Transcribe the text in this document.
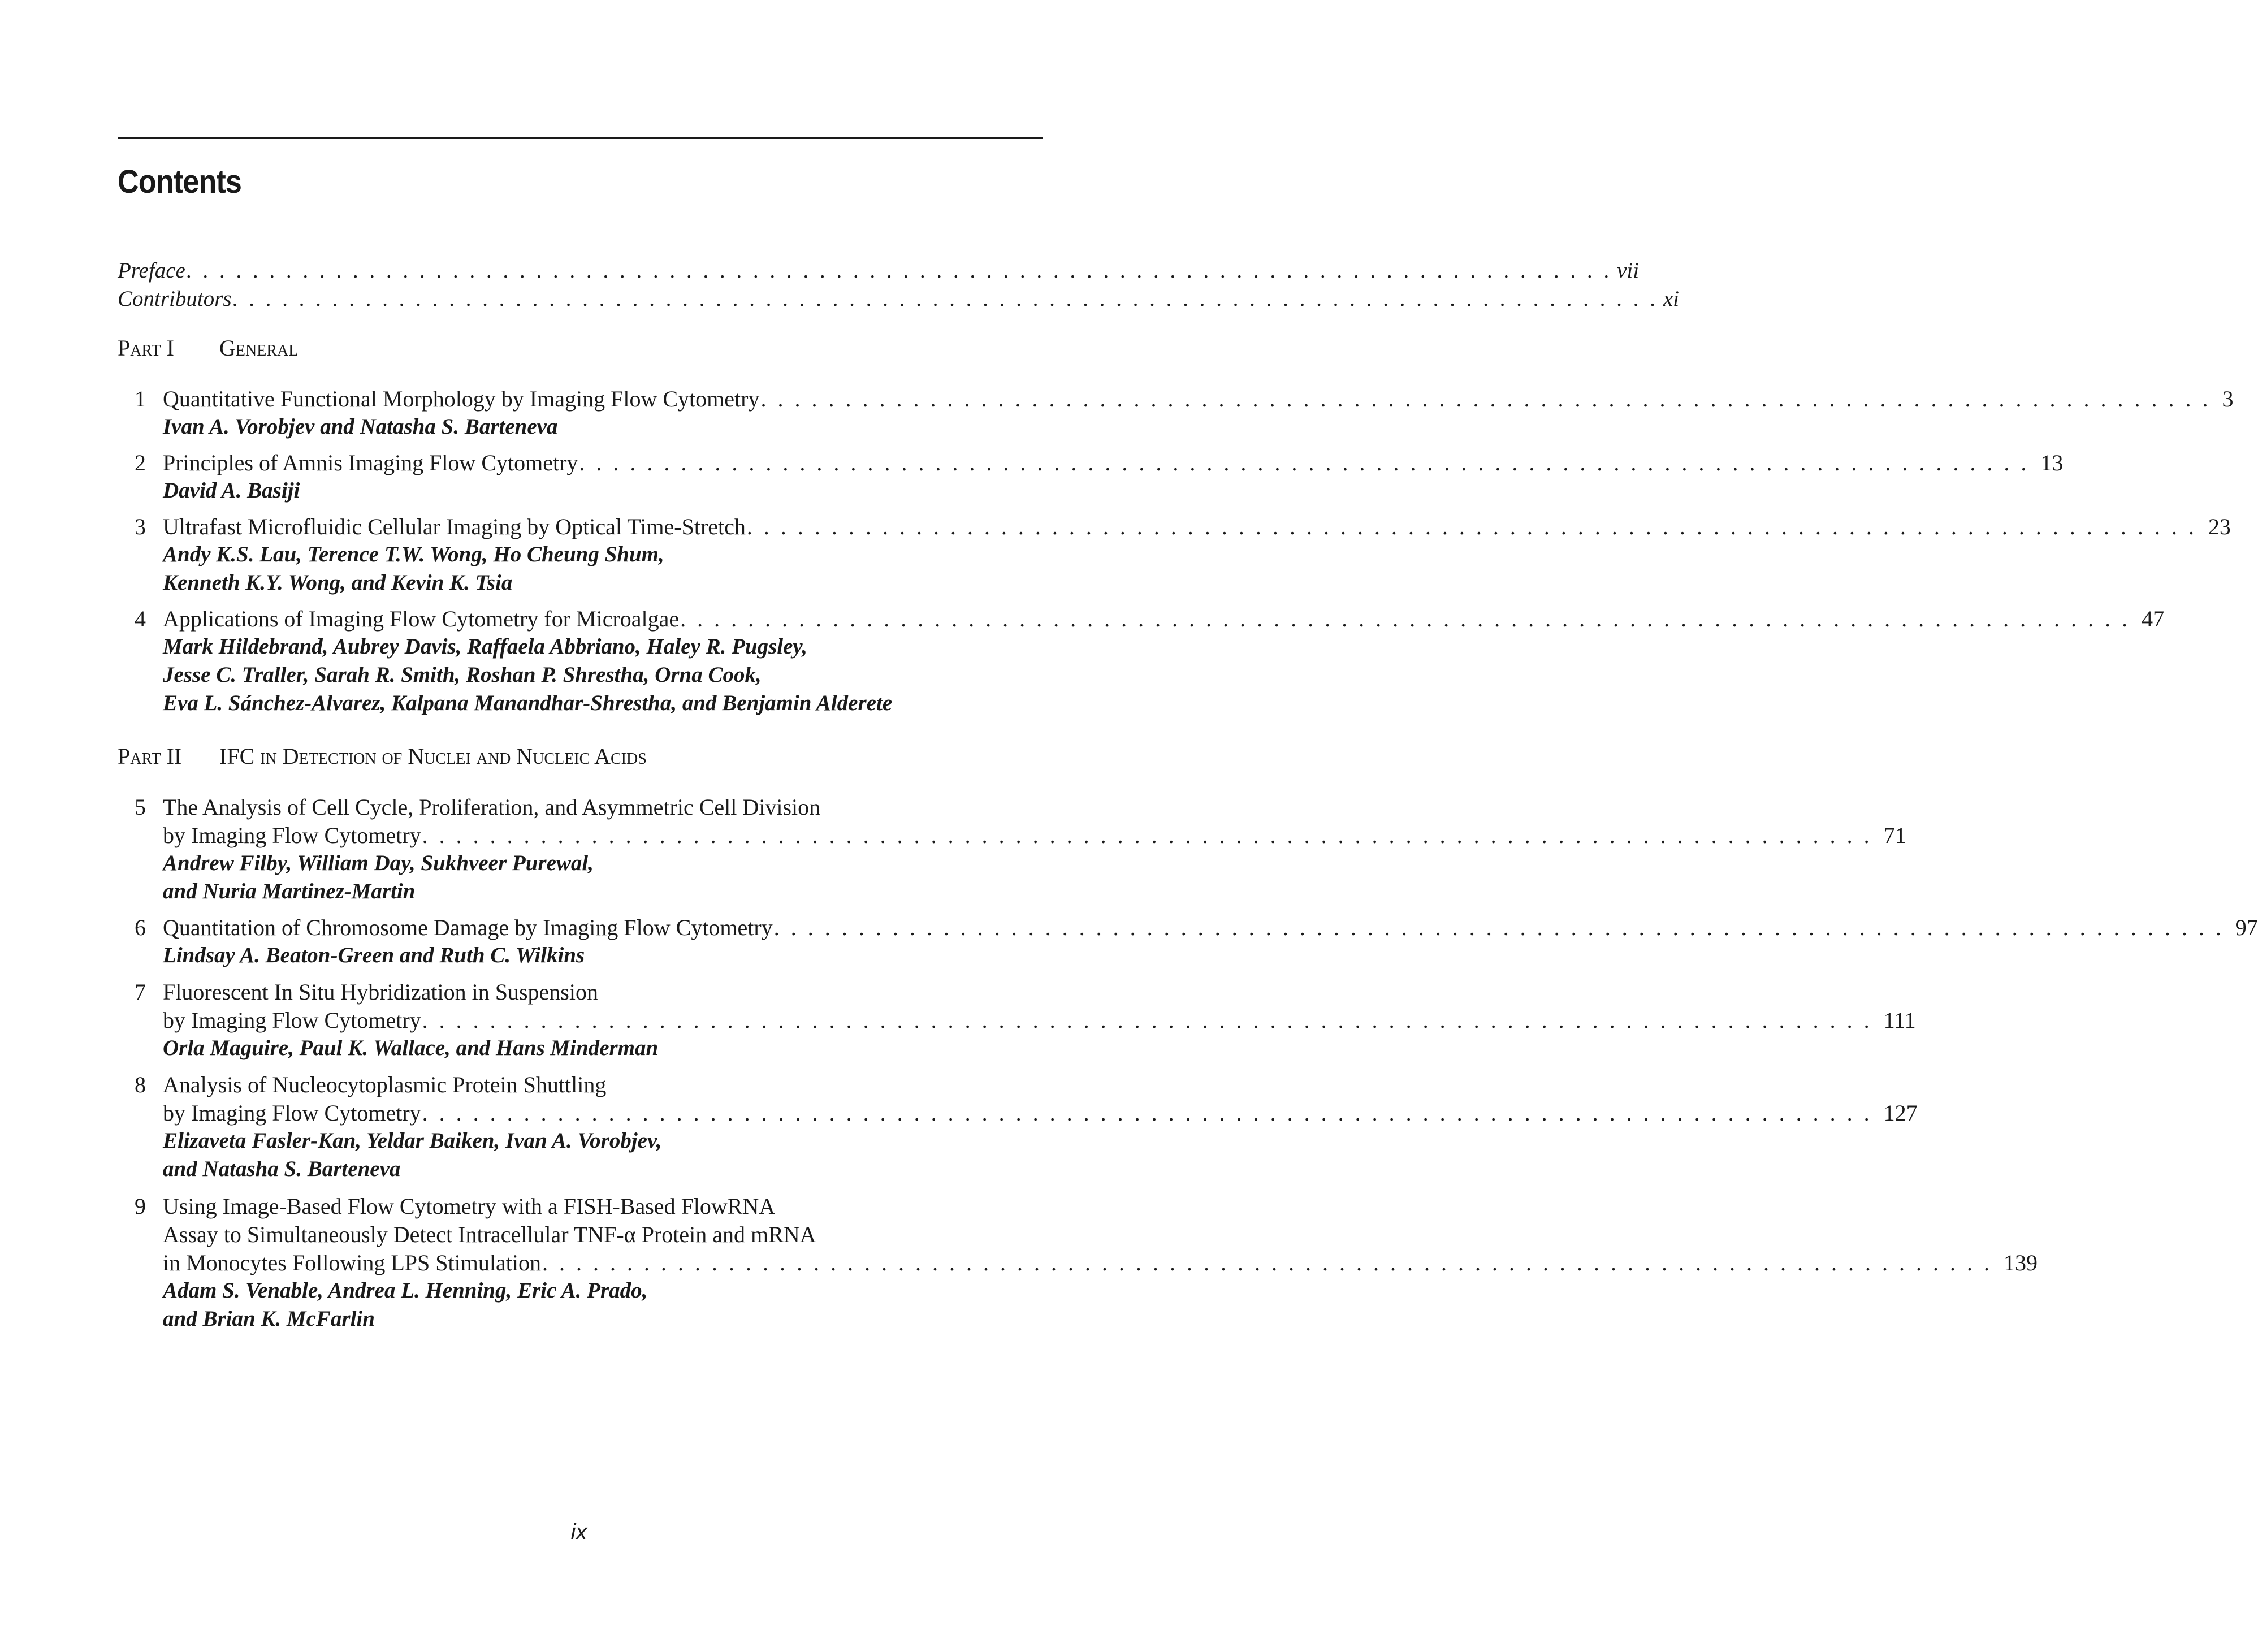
Contents
Preface . . . . . . . . . . . . . . . . . . . . . . . . . . . . . . . . . . . . . . . . . . . . . . . . . . . . . . . . . . . . . . . . . . . . . . . . . . . . . . . . . . . . . . vii
Contributors . . . . . . . . . . . . . . . . . . . . . . . . . . . . . . . . . . . . . . . . . . . . . . . . . . . . . . . . . . . . . . . . . . . . . . . . . . . . . . . . . . . . . . xi
Part I General
1 Quantitative Functional Morphology by Imaging Flow Cytometry . . . . . . . . . . . . . . . . . . . . . . . . . . . . . . . . . . . . . . . . . . . . . . . . . . . . . . . . . . . . . . . . . . . . . . . . . . . . . . . . . . . . . . 3
Ivan A. Vorobjev and Natasha S. Barteneva
2 Principles of Amnis Imaging Flow Cytometry . . . . . . . . . . . . . . . . . . . . . . . . . . . . . . . . . . . . . . . . . . . . . . . . . . . . . . . . . . . . . . . . . . . . . . . . . . . . . . . . . . . . . . 13
David A. Basiji
3 Ultrafast Microfluidic Cellular Imaging by Optical Time-Stretch . . . . . . . . . . . . . . . . . . . . . . . . . . . . . . . . . . . . . . . . . . . . . . . . . . . . . . . . . . . . . . . . . . . . . . . . . . . . . . . . . . . . . . 23
Andy K.S. Lau, Terence T.W. Wong, Ho Cheung Shum,
Kenneth K.Y. Wong, and Kevin K. Tsia
4 Applications of Imaging Flow Cytometry for Microalgae . . . . . . . . . . . . . . . . . . . . . . . . . . . . . . . . . . . . . . . . . . . . . . . . . . . . . . . . . . . . . . . . . . . . . . . . . . . . . . . . . . . . . . 47
Mark Hildebrand, Aubrey Davis, Raffaela Abbriano, Haley R. Pugsley,
Jesse C. Traller, Sarah R. Smith, Roshan P. Shrestha, Orna Cook,
Eva L. Sánchez-Alvarez, Kalpana Manandhar-Shrestha, and Benjamin Alderete
Part II IFC in Detection of Nuclei and Nucleic Acids
5 The Analysis of Cell Cycle, Proliferation, and Asymmetric Cell Division
by Imaging Flow Cytometry . . . . . . . . . . . . . . . . . . . . . . . . . . . . . . . . . . . . . . . . . . . . . . . . . . . . . . . . . . . . . . . . . . . . . . . . . . . . . . . . . . . . . . 71
Andrew Filby, William Day, Sukhveer Purewal,
and Nuria Martinez-Martin
6 Quantitation of Chromosome Damage by Imaging Flow Cytometry . . . . . . . . . . . . . . . . . . . . . . . . . . . . . . . . . . . . . . . . . . . . . . . . . . . . . . . . . . . . . . . . . . . . . . . . . . . . . . . . . . . . . . 97
Lindsay A. Beaton-Green and Ruth C. Wilkins
7 Fluorescent In Situ Hybridization in Suspension
by Imaging Flow Cytometry . . . . . . . . . . . . . . . . . . . . . . . . . . . . . . . . . . . . . . . . . . . . . . . . . . . . . . . . . . . . . . . . . . . . . . . . . . . . . . . . . . . . . . 111
Orla Maguire, Paul K. Wallace, and Hans Minderman
8 Analysis of Nucleocytoplasmic Protein Shuttling
by Imaging Flow Cytometry . . . . . . . . . . . . . . . . . . . . . . . . . . . . . . . . . . . . . . . . . . . . . . . . . . . . . . . . . . . . . . . . . . . . . . . . . . . . . . . . . . . . . . 127
Elizaveta Fasler-Kan, Yeldar Baiken, Ivan A. Vorobjev,
and Natasha S. Barteneva
9 Using Image-Based Flow Cytometry with a FISH-Based FlowRNA
Assay to Simultaneously Detect Intracellular TNF-α Protein and mRNA
in Monocytes Following LPS Stimulation . . . . . . . . . . . . . . . . . . . . . . . . . . . . . . . . . . . . . . . . . . . . . . . . . . . . . . . . . . . . . . . . . . . . . . . . . . . . . . . . . . . . . . 139
Adam S. Venable, Andrea L. Henning, Eric A. Prado,
and Brian K. McFarlin
ix
